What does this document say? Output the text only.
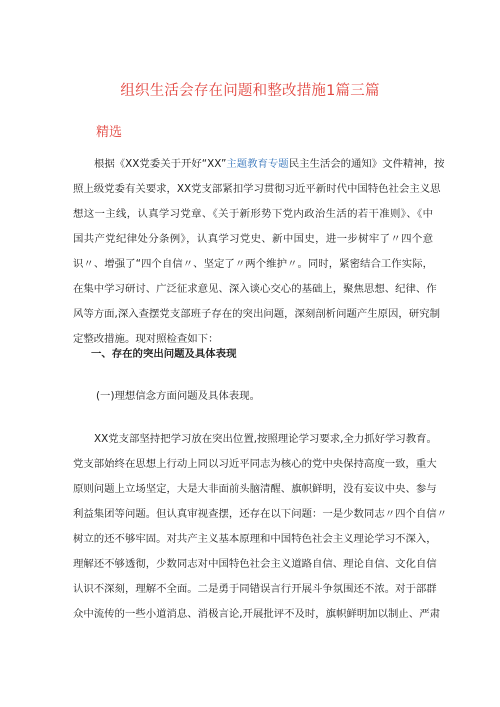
组织生活会存在问题和整改措施1篇三篇
精选
根据《XX党委关于开好“XX”主题教育专题民主生活会的通知》文件精神，按
照上级党委有关要求，XX党支部紧扣学习贯彻习近平新时代中国特色社会主义思
想这一主线，认真学习党章、《关于新形势下党内政治生活的若干准则》、《中
国共产党纪律处分条例》，认真学习党史、新中国史，进一步树牢了〃四个意
识〃、增强了“四个自信〃、坚定了〃两个维护〃。同时，紧密结合工作实际，
在集中学习研讨、广泛征求意见、深入谈心交心的基础上，聚焦思想、纪律、作
风等方面,深入查摆党支部班子存在的突出问题，深刻剖析问题产生原因，研究制
定整改措施。现对照检查如下：
一、存在的突出问题及具体表现
(一)理想信念方面问题及具体表现。
XX党支部坚持把学习放在突出位置,按照理论学习要求,全力抓好学习教育。
党支部始终在思想上行动上同以习近平同志为核心的党中央保持高度一致，重大
原则问题上立场坚定，大是大非面前头脑清醒、旗帜鲜明，没有妄议中央、参与
利益集团等问题。但认真审视查摆，还存在以下问题：一是少数同志〃四个自信〃
树立的还不够牢固。对共产主义基本原理和中国特色社会主义理论学习不深入，
理解还不够透彻，少数同志对中国特色社会主义道路自信、理论自信、文化自信
认识不深刻，理解不全面。二是勇于同错误言行开展斗争氛围还不浓。对于部群
众中流传的一些小道消息、消极言论,开展批评不及时，旗帜鲜明加以制止、严肃
